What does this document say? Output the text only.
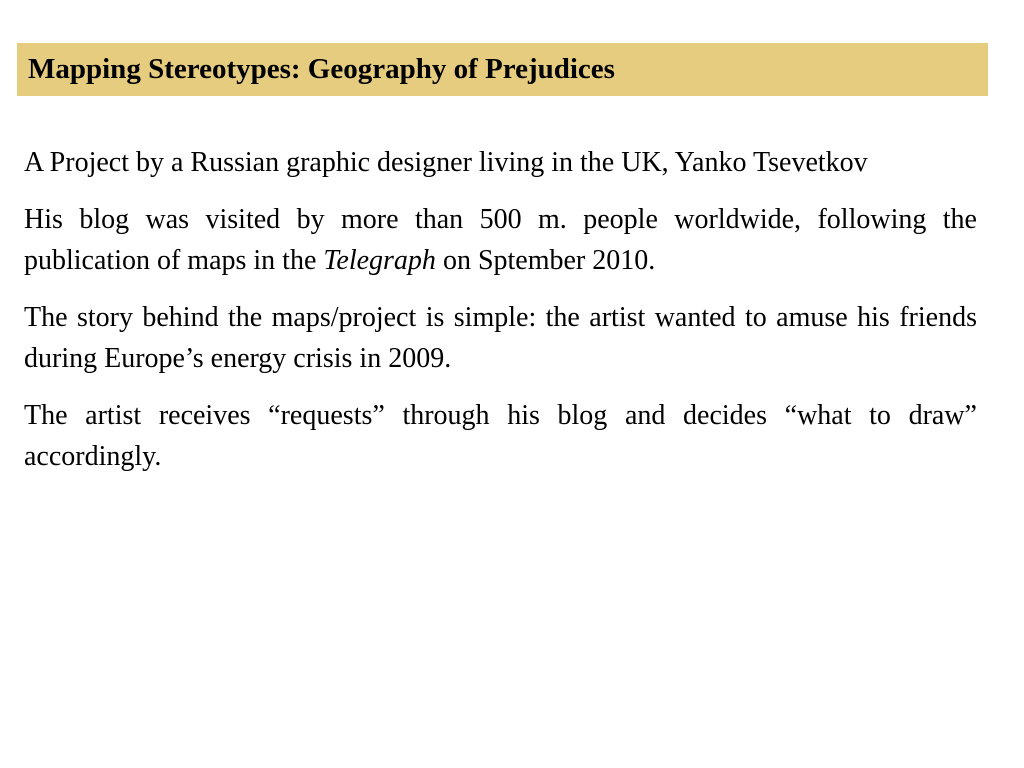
Mapping Stereotypes: Geography of Prejudices

A Project by a Russian graphic designer living in the UK, Yanko Tsevetkov

His blog was visited by more than 500 m. people worldwide, following the publication of maps in the Telegraph on Sptember 2010.

The story behind the maps/project is simple: the artist wanted to amuse his friends during Europe’s energy crisis in 2009.

The artist receives “requests” through his blog and decides “what to draw” accordingly.
